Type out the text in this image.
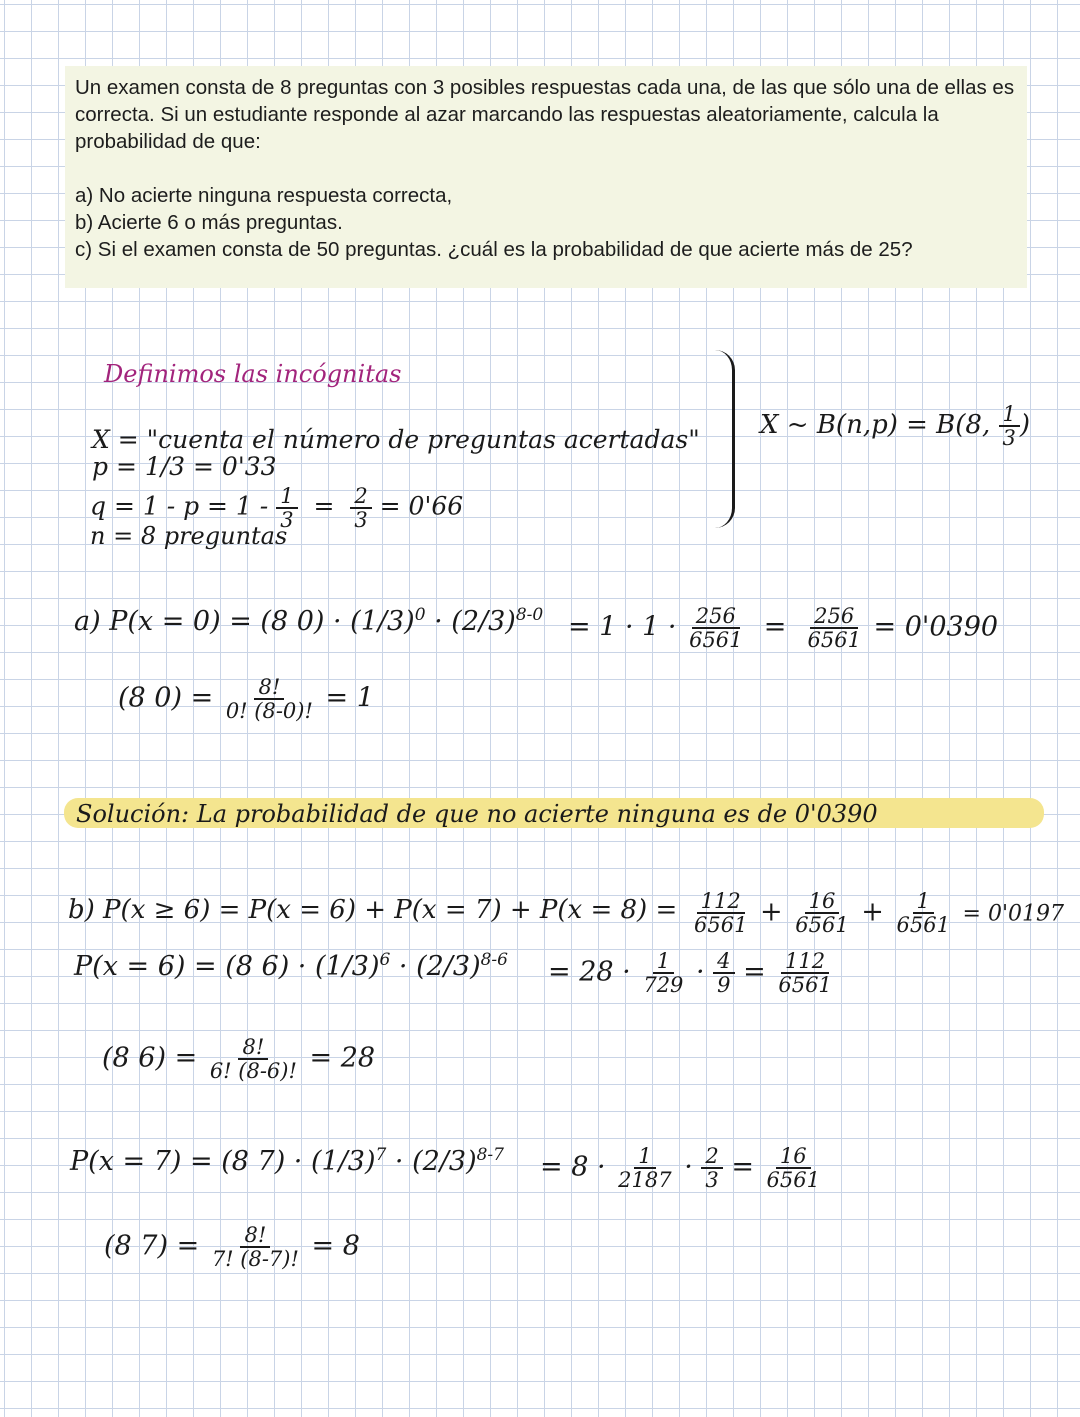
Un examen consta de 8 preguntas con 3 posibles respuestas cada una, de las que sólo una de ellas es correcta. Si un estudiante responde al azar marcando las respuestas aleatoriamente, calcula la probabilidad de que:

a) No acierte ninguna respuesta correcta,

b) Acierte 6 o más preguntas.

c) Si el examen consta de 50 preguntas. ¿cuál es la probabilidad de que acierte más de 25?

Definimos las incógnitas
X = "cuenta el número de preguntas acertadas"
p = 1/3 = 0'33
$q = 1 - p = 1 - \frac{1}{3} = \frac{2}{3} = 0'66$
n = 8 preguntas
X ~ B(n,p) = B(8, $\frac{1}{3}$ )
a) P(x = 0) = (8 $0) \cdot (1/3)^0 \cdot (2/3)^{8-0} = 1 \cdot 1 \cdot \frac{256}{6561} = \frac{256}{6561} = 0'0390$
(8 $0) = \frac{8!}{0! (8-0)!} = 1$
Solución: La probabilidad de que no acierte ninguna es de 0'0390
b) $P(x \ge 6) = P(x = 6) + P(x = 7) + P(x = 8) = \frac{112}{6561} + \frac{16}{6561} + \frac{1}{6561} = 0'0197$
P(x = 6) = (8 $6) \cdot (1/3)^6 \cdot (2/3)^{8-6} = 28 \cdot \frac{1}{729} \cdot \frac{4}{9} = \frac{112}{6561}$
(8 $6) = \frac{8!}{6! (8-6)!} = 28$
P(x = 7) = (8 $7) \cdot (1/3)^7 \cdot (2/3)^{8-7} = 8 \cdot \frac{1}{2187} \cdot \frac{2}{3} = \frac{16}{6561}$
(8 $7) = \frac{8!}{7! (8-7)!} = 8$
